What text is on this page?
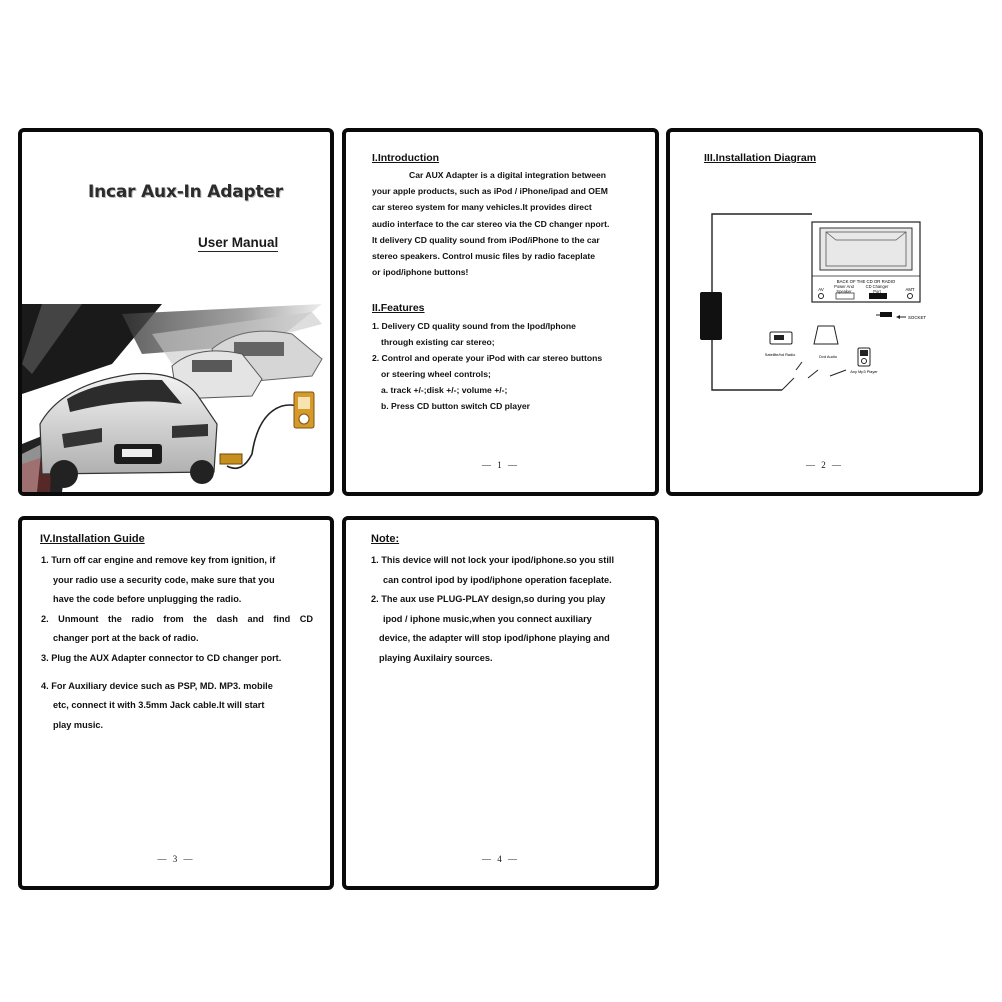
Incar Aux-In Adapter
User Manual
I.Introduction

Car AUX Adapter is a digital integration between

your apple products, such as iPod / iPhone/ipad and OEM

car stereo system for many vehicles.It provides direct

audio interface to the car stereo via the CD changer nport.

It delivery CD quality sound from iPod/iPhone to the car

stereo speakers. Control music files by radio faceplate

or ipod/iphone buttons!

II.Features
1. Delivery CD quality sound from the Ipod/Iphone
through existing car stereo;
2. Control and operate your iPod with car stereo buttons
or steering wheel controls;
a. track +/-;disk +/-; volume +/-;
b. Press CD button switch CD player
— 1 —
III.Installation Diagram
BACK OF THE CD OR RADIO
AV
Power And Speaker
CD Changer Port	AMT
SOCKET
Satellite/hd Radio	Dvd Audio
Any Mp3 Player
— 2 —
IV.Installation Guide
1. Turn off car engine and remove key from ignition, if
your radio use a security code, make sure that you
have the code before unplugging the radio.
2. Unmount the radio from the dash and find CD
changer port at the back of radio.
3. Plug the AUX Adapter connector to CD changer port.
4. For Auxiliary device such as PSP, MD. MP3. mobile
etc, connect it with 3.5mm Jack cable.It will start
play music.
— 3 —
Note:
1. This device will not lock your ipod/iphone.so you still
can control ipod by ipod/iphone operation faceplate.
2. The aux use PLUG-PLAY design,so during you play
ipod / iphone music,when you connect auxiliary
device, the adapter will stop ipod/iphone playing and
playing Auxilairy sources.
— 4 —
